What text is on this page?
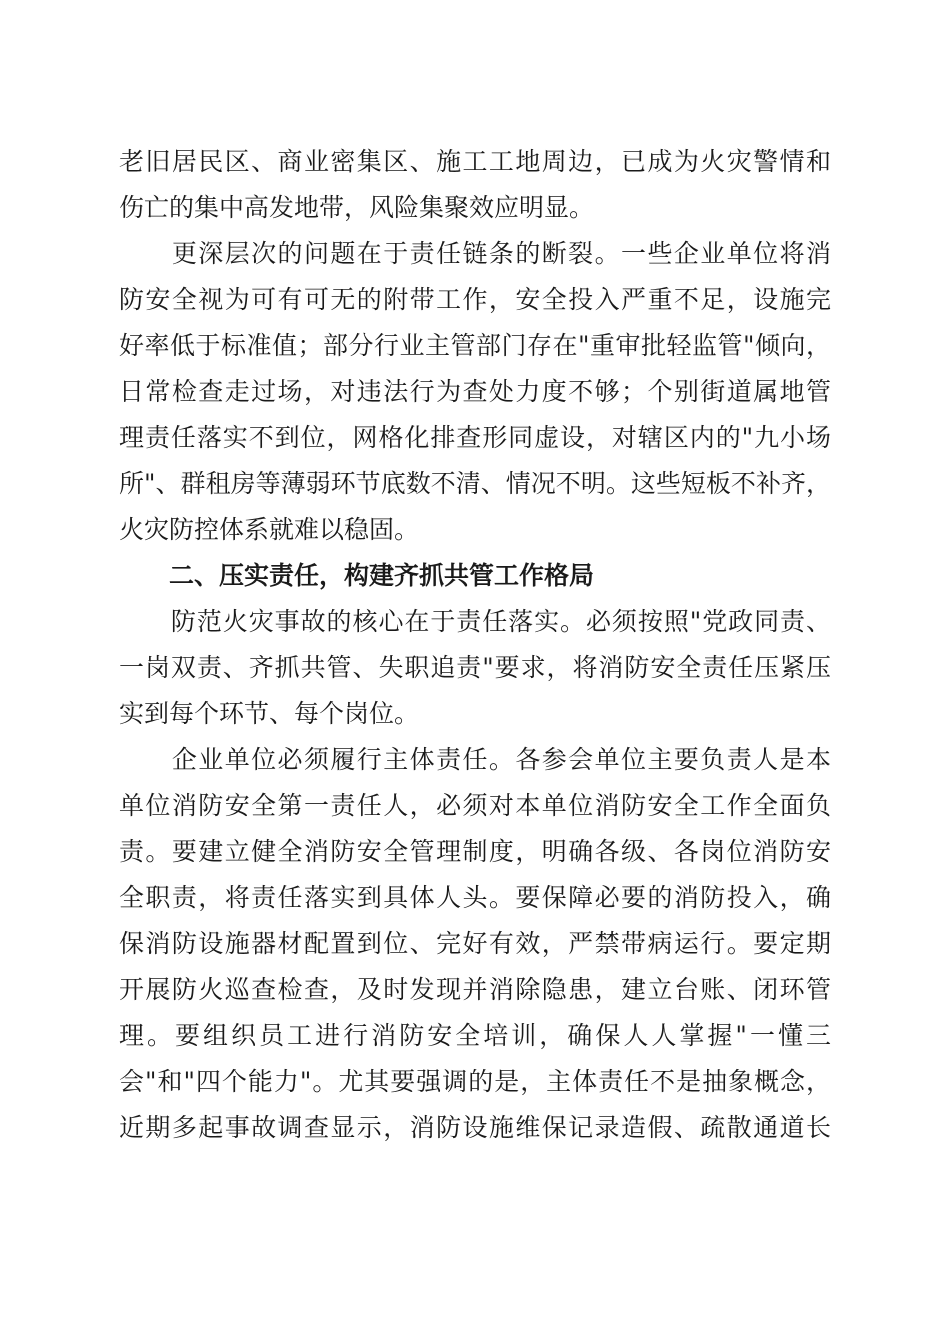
老旧居民区、商业密集区、施工工地周边，已成为火灾警情和
伤亡的集中高发地带，风险集聚效应明显。
　　更深层次的问题在于责任链条的断裂。一些企业单位将消
防安全视为可有可无的附带工作，安全投入严重不足，设施完
好率低于标准值；部分行业主管部门存在"重审批轻监管"倾向，
日常检查走过场，对违法行为查处力度不够；个别街道属地管
理责任落实不到位，网格化排查形同虚设，对辖区内的"九小场
所"、群租房等薄弱环节底数不清、情况不明。这些短板不补齐，
火灾防控体系就难以稳固。
　　二、压实责任，构建齐抓共管工作格局
　　防范火灾事故的核心在于责任落实。必须按照"党政同责、
一岗双责、齐抓共管、失职追责"要求，将消防安全责任压紧压
实到每个环节、每个岗位。
　　企业单位必须履行主体责任。各参会单位主要负责人是本
单位消防安全第一责任人，必须对本单位消防安全工作全面负
责。要建立健全消防安全管理制度，明确各级、各岗位消防安
全职责，将责任落实到具体人头。要保障必要的消防投入，确
保消防设施器材配置到位、完好有效，严禁带病运行。要定期
开展防火巡查检查，及时发现并消除隐患，建立台账、闭环管
理。要组织员工进行消防安全培训，确保人人掌握"一懂三
会"和"四个能力"。尤其要强调的是，主体责任不是抽象概念，
近期多起事故调查显示，消防设施维保记录造假、疏散通道长
